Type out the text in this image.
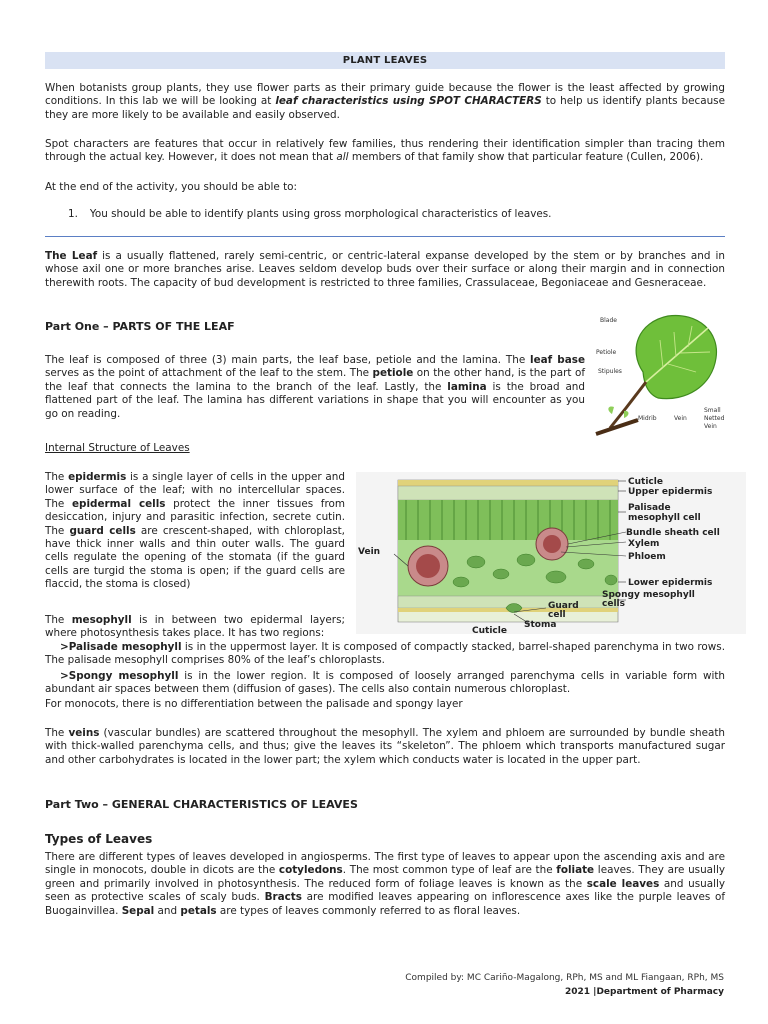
PLANT LEAVES

When botanists group plants, they use flower parts as their primary guide because the flower is the least affected by growing conditions. In this lab we will be looking at leaf characteristics using SPOT CHARACTERS to help us identify plants because they are more likely to be available and easily observed.

Spot characters are features that occur in relatively few families, thus rendering their identification simpler than tracing them through the actual key. However, it does not mean that all members of that family show that particular feature (Cullen, 2006).

At the end of the activity, you should be able to:

1. You should be able to identify plants using gross morphological characteristics of leaves.

The Leaf is a usually flattened, rarely semi-centric, or centric-lateral expanse developed by the stem or by branches and in whose axil one or more branches arise. Leaves seldom develop buds over their surface or along their margin and in connection therewith roots. The capacity of bud development is restricted to three families, Crassulaceae, Begoniaceae and Gesneraceae.

Part One – PARTS OF THE LEAF

The leaf is composed of three (3) main parts, the leaf base, petiole and the lamina. The leaf base serves as the point of attachment of the leaf to the stem. The petiole on the other hand, is the part of the leaf that connects the lamina to the branch of the leaf. Lastly, the lamina is the broad and flattened part of the leaf. The lamina has different variations in shape that you will encounter as you go on reading.

Blade
Petiole
Stipules
Midrib	Vein
Small
Netted
Vein
Internal Structure of Leaves

The epidermis is a single layer of cells in the upper and lower surface of the leaf; with no intercellular spaces. The epidermal cells protect the inner tissues from desiccation, injury and parasitic infection, secrete cutin. The guard cells are crescent-shaped, with chloroplast, have thick inner walls and thin outer walls. The guard cells regulate the opening of the stomata (if the guard cells are turgid the stoma is open; if the guard cells are flaccid, the stoma is closed)

Cuticle
Upper epidermis
Palisade
mesophyll cell
Bundle sheath cell
Xylem
Phloem
Vein
Lower epidermis
Spongy mesophyll
cells
Guard
cell
Stoma
Cuticle

The mesophyll is in between two epidermal layers; where photosynthesis takes place. It has two regions:

>Palisade mesophyll is in the uppermost layer. It is composed of compactly stacked, barrel-shaped parenchyma in two rows. The palisade mesophyll comprises 80% of the leaf’s chloroplasts.

>Spongy mesophyll is in the lower region. It is composed of loosely arranged parenchyma cells in variable form with abundant air spaces between them (diffusion of gases). The cells also contain numerous chloroplast.

For monocots, there is no differentiation between the palisade and spongy layer

The veins (vascular bundles) are scattered throughout the mesophyll. The xylem and phloem are surrounded by bundle sheath with thick-walled parenchyma cells, and thus; give the leaves its “skeleton”. The phloem which transports manufactured sugar and other carbohydrates is located in the lower part; the xylem which conducts water is located in the upper part.

Part Two – GENERAL CHARACTERISTICS OF LEAVES
Types of Leaves

There are different types of leaves developed in angiosperms. The first type of leaves to appear upon the ascending axis and are single in monocots, double in dicots are the cotyledons. The most common type of leaf are the foliate leaves. They are usually green and primarily involved in photosynthesis. The reduced form of foliage leaves is known as the scale leaves and usually seen as protective scales of scaly buds. Bracts are modified leaves appearing on inflorescence axes like the purple leaves of Buogainvillea. Sepal and petals are types of leaves commonly referred to as floral leaves.

Compiled by: MC Cariño-Magalong, RPh, MS and ML Fiangaan, RPh, MS
2021 |Department of Pharmacy
